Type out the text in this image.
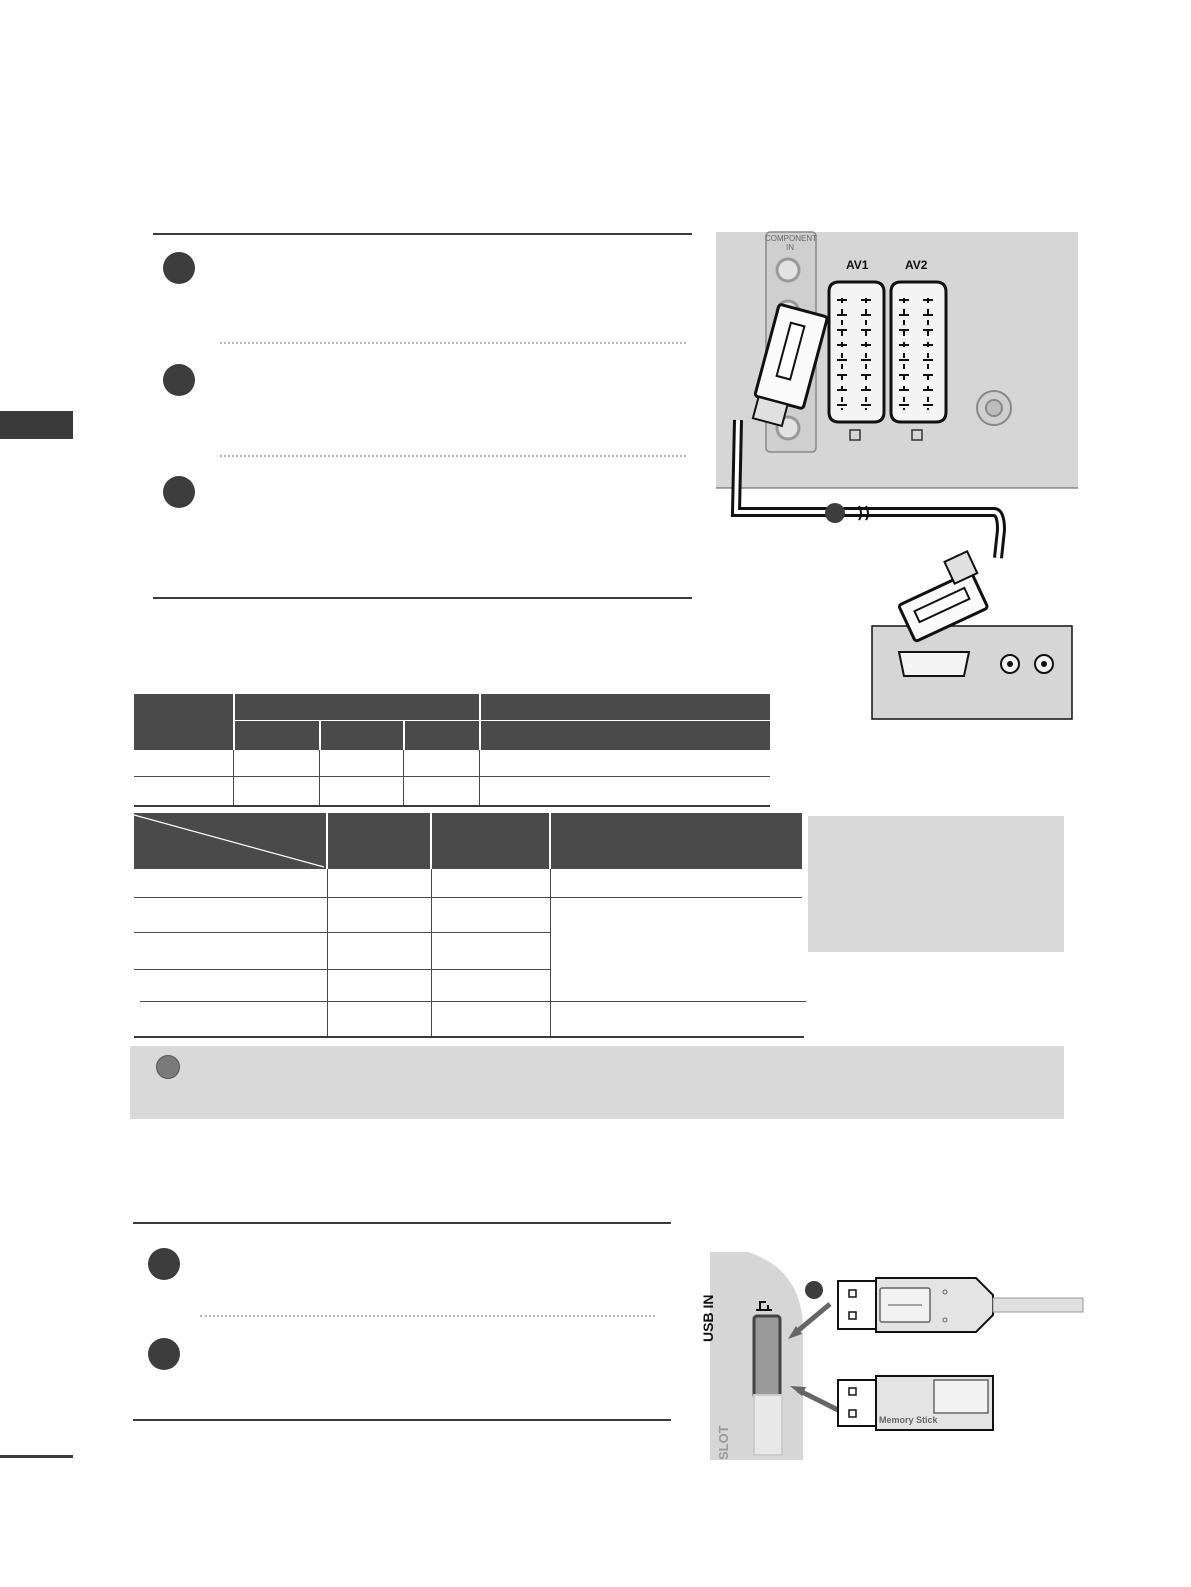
AV1	AV2
COMPONENT IN
USB IN
SLOT
Memory Stick
